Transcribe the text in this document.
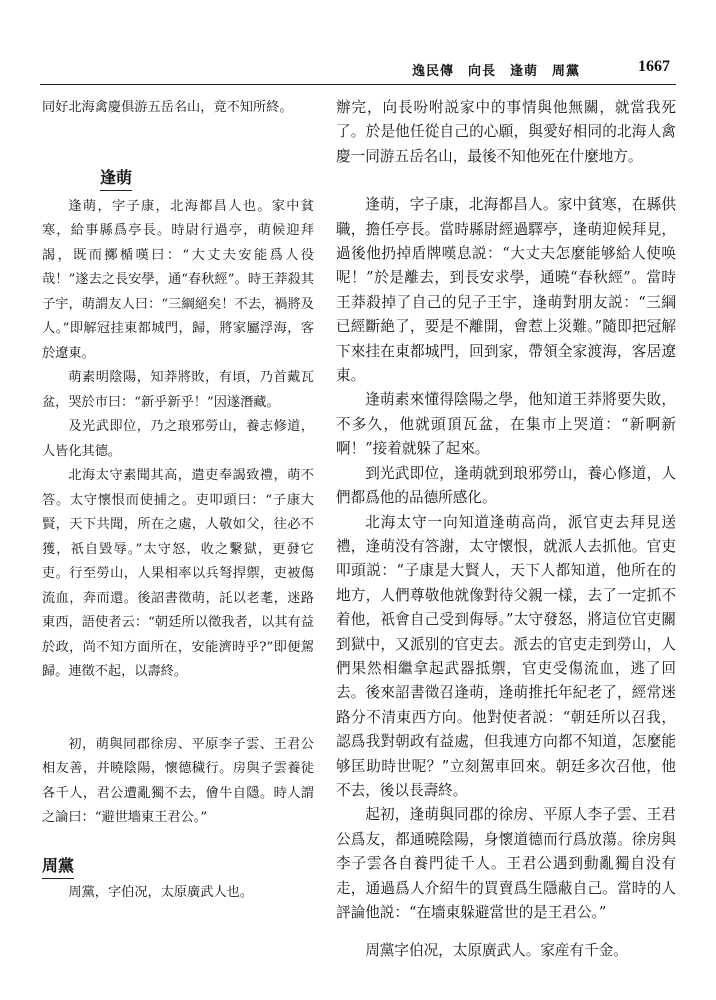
逸民傳　向長　逢萌　周黨	1667

同好北海禽慶俱游五岳名山，竟不知所終。

逢萌

逢萌，字子康，北海都昌人也。家中貧寒，給事縣爲亭長。時尉行過亭，萌候迎拜謁，既而擲楯嘆曰：“大丈夫安能爲人役哉！”遂去之長安學，通“春秋經”。時王莽殺其子宇，萌謂友人曰：“三綱絕矣！不去，禍將及人。”即解冠挂東都城門，歸，將家屬浮海，客於遼東。

萌素明陰陽，知莽將敗，有頃，乃首戴瓦盆，哭於市曰：“新乎新乎！”因遂潛藏。

及光武即位，乃之琅邪勞山，養志修道，人皆化其德。

北海太守素聞其高，遣吏奉謁致禮，萌不答。太守懷恨而使捕之。吏叩頭曰：“子康大賢，天下共聞，所在之處，人敬如父，往必不獲，祇自毀辱。”太守怒，收之繫獄，更發它吏。行至勞山，人果相率以兵弩捍禦，吏被傷流血，奔而還。後詔書徵萌，託以老耄，迷路東西，語使者云：“朝廷所以徵我者，以其有益於政，尚不知方面所在，安能濟時乎?”即便駕歸。連徵不起，以壽終。

初，萌與同郡徐房、平原李子雲、王君公相友善，并曉陰陽，懷德穢行。房與子雲養徒各千人，君公遭亂獨不去，儈牛自隱。時人謂之論曰：“避世墻東王君公。”

周黨

周黨，字伯况，太原廣武人也。

辦完，向長吩咐説家中的事情與他無關，就當我死了。於是他任從自己的心願，與愛好相同的北海人禽慶一同游五岳名山，最後不知他死在什麼地方。

逢萌，字子康，北海都昌人。家中貧寒，在縣供職，擔任亭長。當時縣尉經過驛亭，逢萌迎候拜見，過後他扔掉盾牌嘆息説：“大丈夫怎麼能够給人使唤呢！”於是離去，到長安求學，通曉“春秋經”。當時王莽殺掉了自己的兒子王宇，逢萌對朋友説：“三綱已經斷絶了，要是不離開，會惹上災難。”隨即把冠解下來挂在東都城門，回到家，帶領全家渡海，客居遼東。

逢萌素來懂得陰陽之學，他知道王莽將要失敗，不多久，他就頭頂瓦盆，在集市上哭道：“新啊新啊！”接着就躲了起來。

到光武即位，逢萌就到琅邪勞山，養心修道，人們都爲他的品德所感化。

北海太守一向知道逢萌高尚，派官吏去拜見送禮，逢萌没有答謝，太守懷恨，就派人去抓他。官吏叩頭説：“子康是大賢人，天下人都知道，他所在的地方，人們尊敬他就像對待父親一樣，去了一定抓不着他，祇會自己受到侮辱。”太守發怒，將這位官吏關到獄中，又派别的官吏去。派去的官吏走到勞山，人們果然相繼拿起武器抵禦，官吏受傷流血，逃了回去。後來詔書徵召逢萌，逢萌推托年紀老了，經常迷路分不清東西方向。他對使者説：“朝廷所以召我，認爲我對朝政有益處，但我連方向都不知道，怎麼能够匡助時世呢？”立刻駕車回來。朝廷多次召他，他不去，後以長壽終。

起初，逢萌與同郡的徐房、平原人李子雲、王君公爲友，都通曉陰陽，身懷道德而行爲放蕩。徐房與李子雲各自養門徒千人。王君公遇到動亂獨自没有走，通過爲人介紹牛的買賣爲生隱蔽自己。當時的人評論他説：“在墻東躲避當世的是王君公。”

周黨字伯况，太原廣武人。家産有千金。
